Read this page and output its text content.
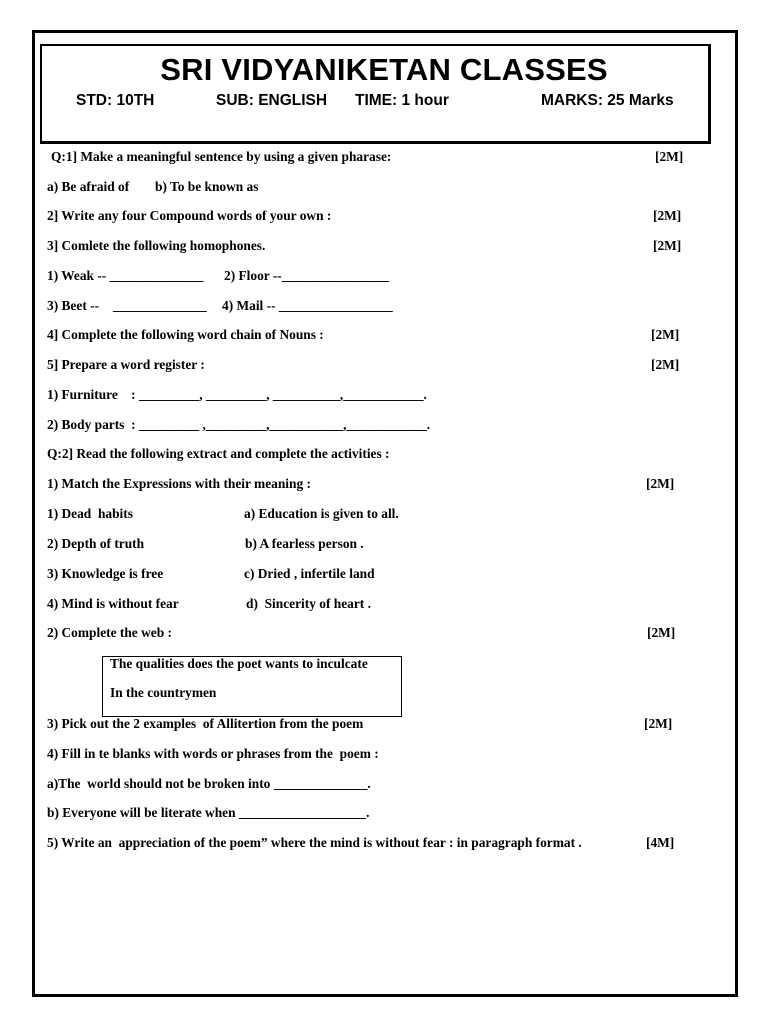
SRI VIDYANIKETAN CLASSES
STD: 10TH	SUB: ENGLISH TIME: 1 hour	MARKS: 25 Marks
Q:1] Make a meaningful sentence by using a given pharase:	[2M]
a) Be afraid of b) To be known as
2] Write any four Compound words of your own :	[2M]
3] Comlete the following homophones.	[2M]
1) Weak -- ______________ 2) Floor --________________
3) Beet -- ______________ 4) Mail -- _________________
4] Complete the following word chain of Nouns :	[2M]
5] Prepare a word register :	[2M]
1) Furniture    : _________, _________, __________,____________.
2) Body parts  : _________ ,_________,___________,____________.
Q:2] Read the following extract and complete the activities :
1) Match the Expressions with their meaning :	[2M]
1) Dead  habits	a) Education is given to all.
2) Depth of truth	b) A fearless person .
3) Knowledge is free	c) Dried , infertile land
4) Mind is without fear	d)  Sincerity of heart .
2) Complete the web :	[2M]
The qualities does the poet wants to inculcate
In the countrymen
3) Pick out the 2 examples  of Allitertion from the poem	[2M]
4) Fill in te blanks with words or phrases from the  poem :
a)The  world should not be broken into ______________.
b) Everyone will be literate when ___________________.
5) Write an  appreciation of the poem” where the mind is without fear : in paragraph format .	[4M]
